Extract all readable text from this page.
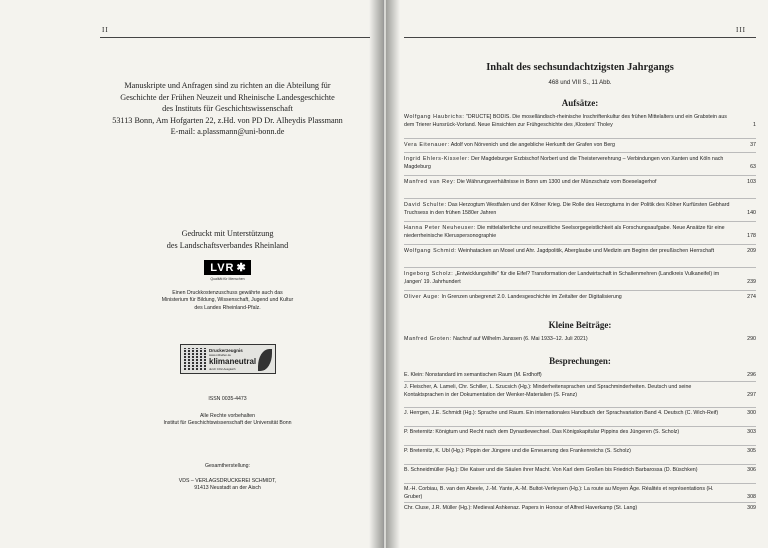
II
Manuskripte und Anfragen sind zu richten an die Abteilung für
Geschichte der Frühen Neuzeit und Rheinische Landesgeschichte
des Instituts für Geschichtswissenschaft
53113 Bonn, Am Hofgarten 22, z.Hd. von PD Dr. Alheydis Plassmann
E-mail: a.plassmann@uni-bonn.de
Gedruckt mit Unterstützung
des Landschaftsverbandes Rheinland
LVR ✱
Qualität für Menschen
Einen Druckkostenzuschuss gewährte auch das
Ministerium für Bildung, Wissenschaft, Jugend und Kultur
des Landes Rheinland-Pfalz.
Druckerzeugnis
www.mithelfen.de
klimaneutral
durch CO2-Ausgleich
ISSN 0035-4473
Alle Rechte vorbehalten
Institut für Geschichtswissenschaft der Universität Bonn
Gesamtherstellung:
VDS – VERLAGSDRUCKEREI SCHMIDT,
91413 Neustadt an der Aisch
III
Inhalt des sechsundachtzigsten Jahrgangs
468 und VIII S., 11 Abb.
Aufsätze:
Wolfgang Haubrichs: "DRUCTE] BODIS. Die moselländisch-rheinische Inschriftenkultur des frühen Mittelalters und ein Grabstein aus dem Trierer Hunsrück-Vorland. Neue Einsichten zur Frühgeschichte des ‚Klosters' Tholey	1
Vera Eitenauer: Adolf von Nörvenich und die angebliche Herkunft der Grafen von Berg	37
Ingrid Ehlers-Kisseler: Der Magdeburger Erzbischof Norbert und die Theisterverehrung – Verbindungen von Xanten und Köln nach Magdeburg	63
Manfred van Rey: Die Währungsverhältnisse in Bonn um 1300 und der Münzschatz vom Boeselagerhof	103
David Schulte: Das Herzogtum Westfalen und der Kölner Krieg. Die Rolle des Herzogtums in der Politik des Kölner Kurfürsten Gebhard Truchsess in den frühen 1580er Jahren	140
Hanna Peter Neuheuser: Die mittelalterliche und neuzeitliche Seelsorgegeistlichkeit als Forschungsaufgabe. Neue Ansätze für eine niederrheinische Kleruspersonographie	178
Wolfgang Schmid: Weinhatacken an Mosel und Ahr. Jagdpolitik, Aberglaube und Medizin am Beginn der preußischen Herrschaft	209
Ingeborg Scholz: „Entwicklungshilfe" für die Eifel? Transformation der Landwirtschaft in Schallenmehren (Landkreis Vulkaneifel) im ‚langen' 19. Jahrhundert	239
Oliver Auge: In Grenzen unbegrenzt 2.0. Landesgeschichte im Zeitalter der Digitalisierung	274
Kleine Beiträge:
Manfred Groten: Nachruf auf Wilhelm Janssen (6. Mai 1933–12. Juli 2021)	290
Besprechungen:
E. Klein: Nonstandard im semantischen Raum (M. Erdhoff)	296
J. Fleischer, A. Lameli, Chr. Schiller, L. Szucsich (Hg.): Minderheitensprachen und Sprachminderheiten. Deutsch und seine Kontaktsprachen in der Dokumentation der Wenker-Materialien (S. Franz)	297
J. Herrgen, J.E. Schmidt (Hg.): Sprache und Raum. Ein internationales Handbuch der Sprachvariation Band 4. Deutsch (C. Wich-Reif)	300
P. Breternitz: Königtum und Recht nach dem Dynastiewechsel. Das Königskapitular Pippins des Jüngeren (S. Scholz)	303
P. Breternitz, K. Ubl (Hg.): Pippin der Jüngere und die Erneuerung des Frankenreichs (S. Scholz)	305
B. Schneidmüller (Hg.): Die Kaiser und die Säulen ihrer Macht. Von Karl dem Großen bis Friedrich Barbarossa (D. Büschken)	306
M.-H. Corbiau, B. van den Abeele, J.-M. Yante, A.-M. Bultot-Verleysen (Hg.): La route au Moyen Âge. Réalités et représentations (H. Gruber)	308
Chr. Cluse, J.R. Müller (Hg.): Medieval Ashkenaz. Papers in Honour of Alfred Haverkamp (St. Lang)	309
